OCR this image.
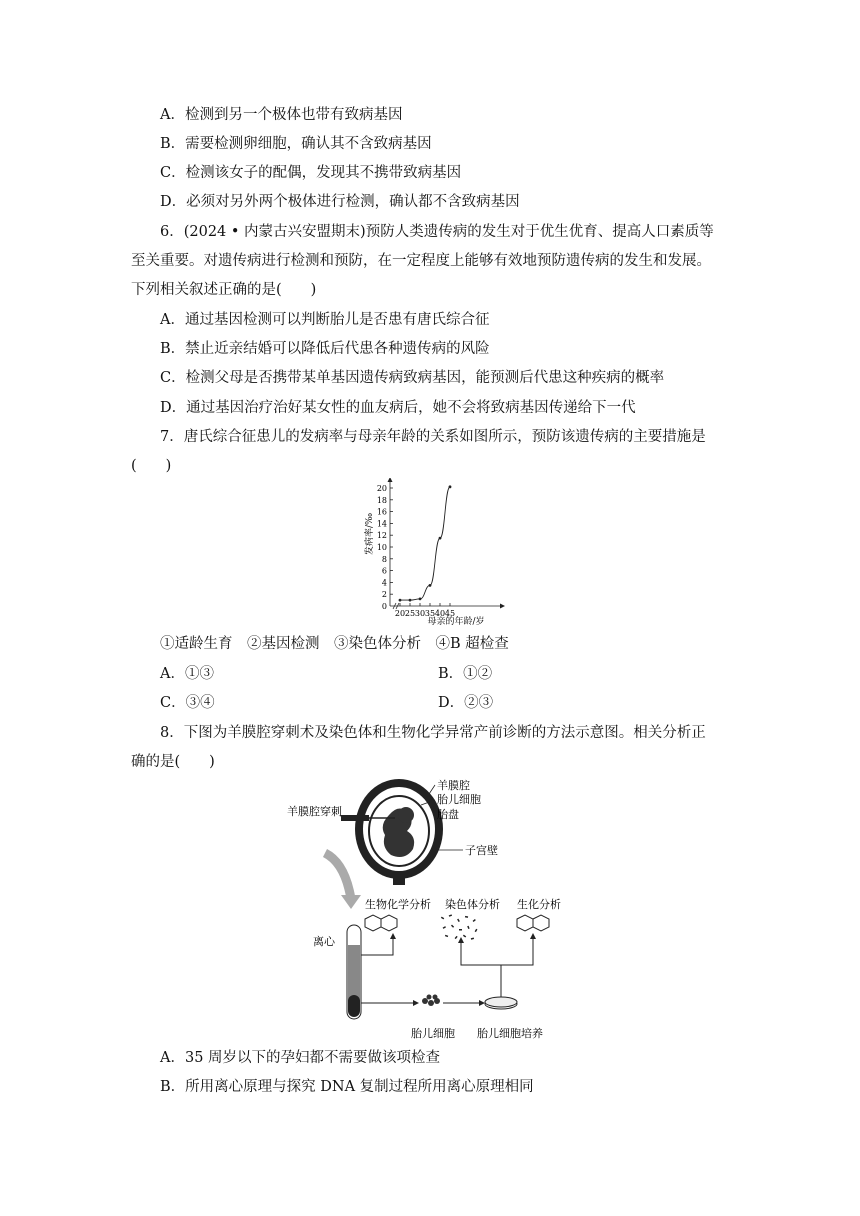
A．检测到另一个极体也带有致病基因
B．需要检测卵细胞，确认其不含致病基因
C．检测该女子的配偶，发现其不携带致病基因
D．必须对另外两个极体进行检测，确认都不含致病基因
6．(2024 • 内蒙古兴安盟期末)预防人类遗传病的发生对于优生优育、提高人口素质等
至关重要。对遗传病进行检测和预防，在一定程度上能够有效地预防遗传病的发生和发展。
下列相关叙述正确的是(　　)
A．通过基因检测可以判断胎儿是否患有唐氏综合征
B．禁止近亲结婚可以降低后代患各种遗传病的风险
C．检测父母是否携带某单基因遗传病致病基因，能预测后代患这种疾病的概率
D．通过基因治疗治好某女性的血友病后，她不会将致病基因传递给下一代
7．唐氏综合征患儿的发病率与母亲年龄的关系如图所示，预防该遗传病的主要措施是
(　　)
0
2
4
6
8
10
12
14
16
18
20
20 25 30 35 40 45
发病率/‰
母亲的年龄/岁
①适龄生育　②基因检测　③染色体分析　④B 超检查
A．①③	B．①②
C．③④	D．②③
8．下图为羊膜腔穿刺术及染色体和生物化学异常产前诊断的方法示意图。相关分析正
确的是(　　)
羊膜腔穿刺
羊膜腔
胎儿细胞
胎盘
子宫壁
生物化学分析 染色体分析 生化分析
离心
胎儿细胞 胎儿细胞培养
A．35 周岁以下的孕妇都不需要做该项检查
B．所用离心原理与探究 DNA 复制过程所用离心原理相同
